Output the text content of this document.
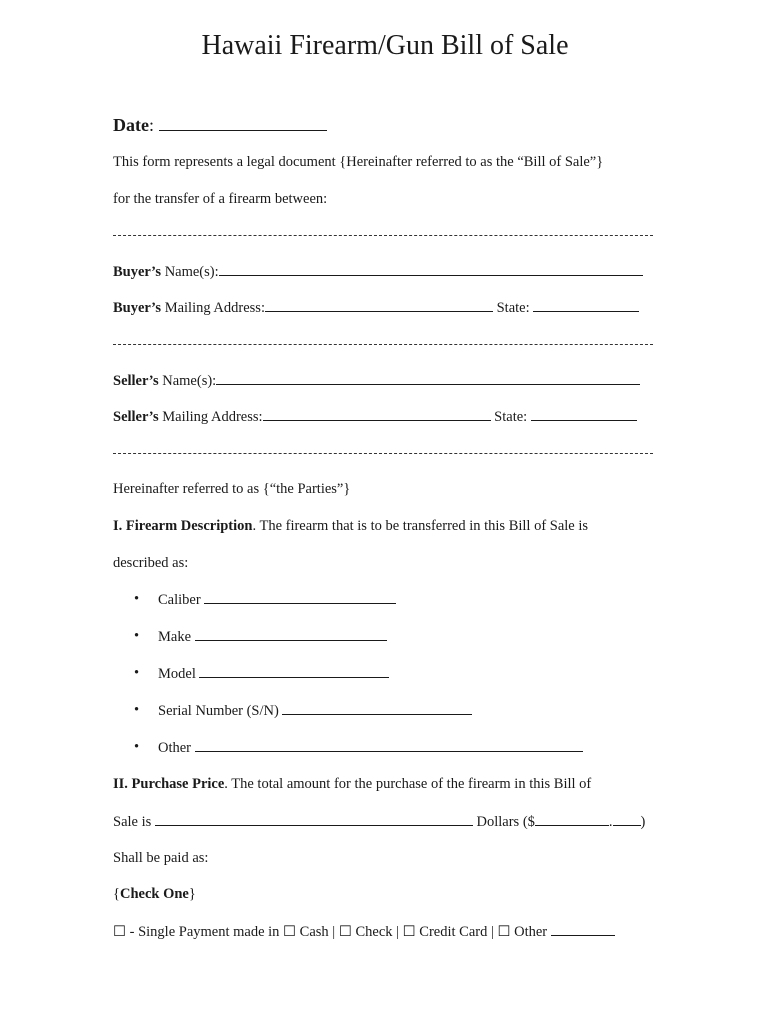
Hawaii Firearm/Gun Bill of Sale
Date:
This form represents a legal document {Hereinafter referred to as the “Bill of Sale”}
for the transfer of a firearm between:
Buyer’s Name(s):
Buyer’s Mailing Address:	State:
Seller’s Name(s):
Seller’s Mailing Address:	State:
Hereinafter referred to as {“the Parties”}
I. Firearm Description. The firearm that is to be transferred in this Bill of Sale is
described as:
• Caliber
• Make
• Model
• Serial Number (S/N)
• Other
II. Purchase Price. The total amount for the purchase of the firearm in this Bill of
Sale is	Dollars ($	. )
Shall be paid as:
{Check One}
☐ - Single Payment made in ☐ Cash | ☐ Check | ☐ Credit Card | ☐ Other
